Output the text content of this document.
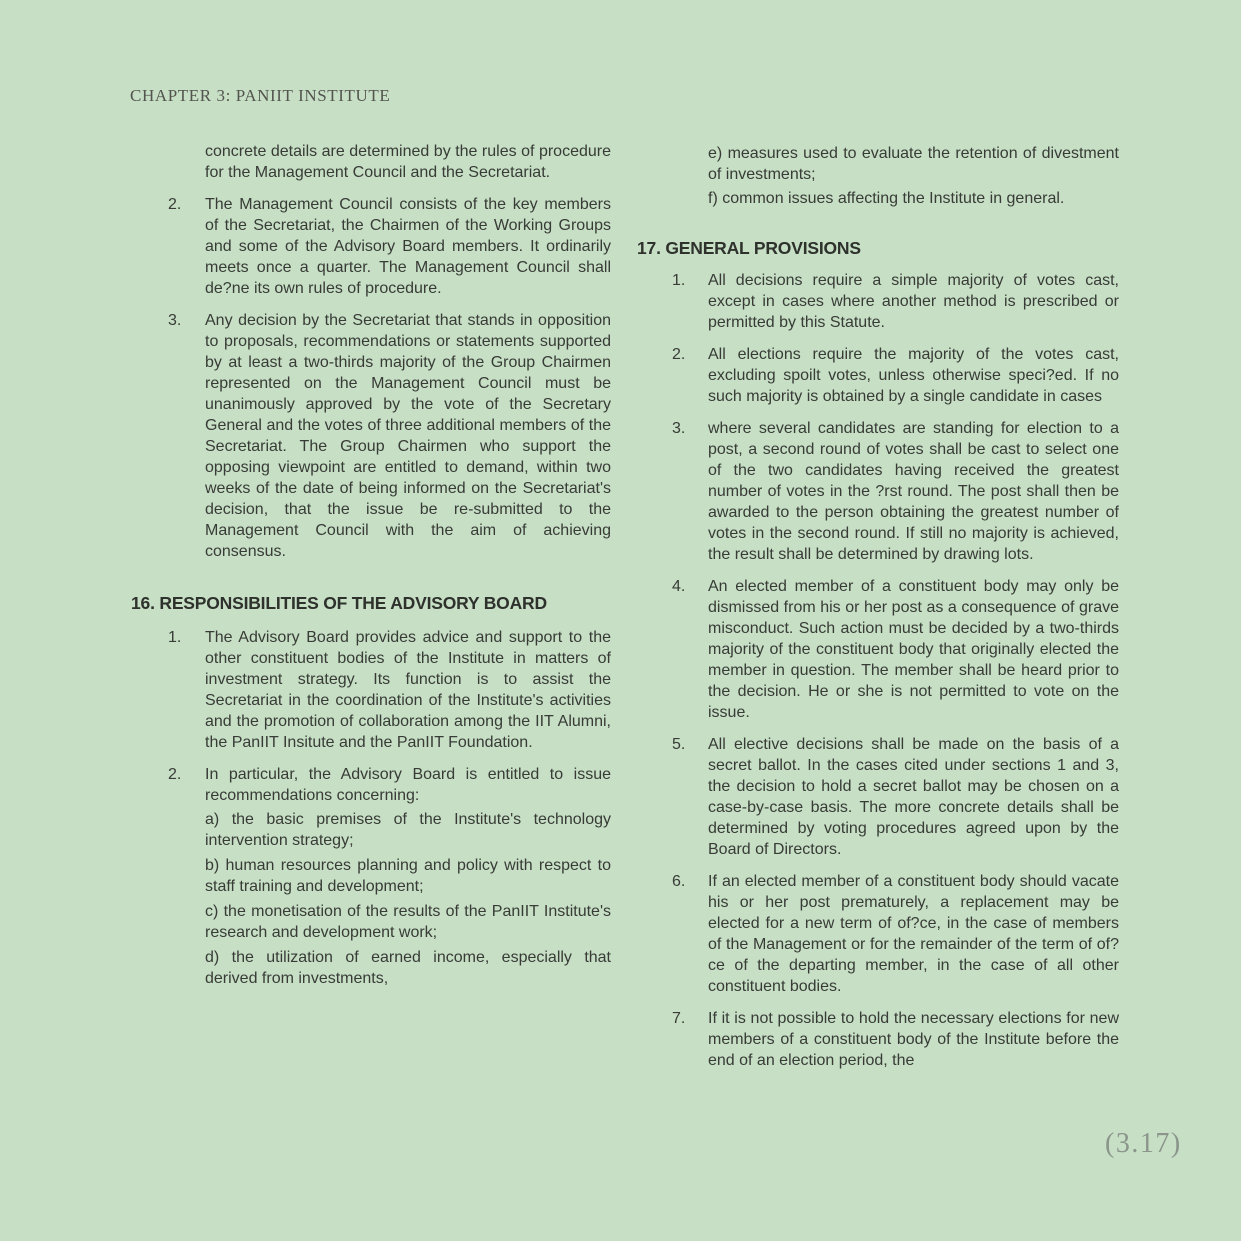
CHAPTER 3: PANIIT INSTITUTE

concrete details are determined by the rules of procedure for the Management Council and the Secretariat.

2.	The Management Council consists of the key members of the Secretariat, the Chairmen of the Working Groups and some of the Advisory Board members. It ordinarily meets once a quarter. The Management Council shall de?ne its own rules of procedure.
3.	Any decision by the Secretariat that stands in opposition to proposals, recommendations or statements supported by at least a two-thirds majority of the Group Chairmen represented on the Management Council must be unanimously approved by the vote of the Secretary General and the votes of three additional members of the Secretariat. The Group Chairmen who support the opposing viewpoint are entitled to demand, within two weeks of the date of being informed on the Secretariat's decision, that the issue be re-submitted to the Management Council with the aim of achieving consensus.
16. RESPONSIBILITIES OF THE ADVISORY BOARD
1.	The Advisory Board provides advice and support to the other constituent bodies of the Institute in matters of investment strategy. Its function is to assist the Secretariat in the coordination of the Institute's activities and the promotion of collaboration among the IIT Alumni, the PanIIT Insitute and the PanIIT Foundation.
2.	In particular, the Advisory Board is entitled to issue recommendations concerning:

a) the basic premises of the Institute's technology intervention strategy;

b) human resources planning and policy with respect to staff training and development;

c) the monetisation of the results of the PanIIT Institute's research and development work;

d) the utilization of earned income, especially that derived from investments,

e) measures used to evaluate the retention of divestment of investments;

f) common issues affecting the Institute in general.

17. GENERAL PROVISIONS
1.	All decisions require a simple majority of votes cast, except in cases where another method is prescribed or permitted by this Statute.
2.	All elections require the majority of the votes cast, excluding spoilt votes, unless otherwise speci?ed. If no such majority is obtained by a single candidate in cases
3.	where several candidates are standing for election to a post, a second round of votes shall be cast to select one of the two candidates having received the greatest number of votes in the ?rst round. The post shall then be awarded to the person obtaining the greatest number of votes in the second round. If still no majority is achieved, the result shall be determined by drawing lots.
4.	An elected member of a constituent body may only be dismissed from his or her post as a consequence of grave misconduct. Such action must be decided by a two-thirds majority of the constituent body that originally elected the member in question. The member shall be heard prior to the decision. He or she is not permitted to vote on the issue.
5.	All elective decisions shall be made on the basis of a secret ballot. In the cases cited under sections 1 and 3, the decision to hold a secret ballot may be chosen on a case-by-case basis. The more concrete details shall be determined by voting procedures agreed upon by the Board of Directors.
6.	If an elected member of a constituent body should vacate his or her post prematurely, a replacement may be elected for a new term of of?ce, in the case of members of the Management or for the remainder of the term of of?ce of the departing member, in the case of all other constituent bodies.
7.	If it is not possible to hold the necessary elections for new members of a constituent body of the Institute before the end of an election period, the
(3.17)
